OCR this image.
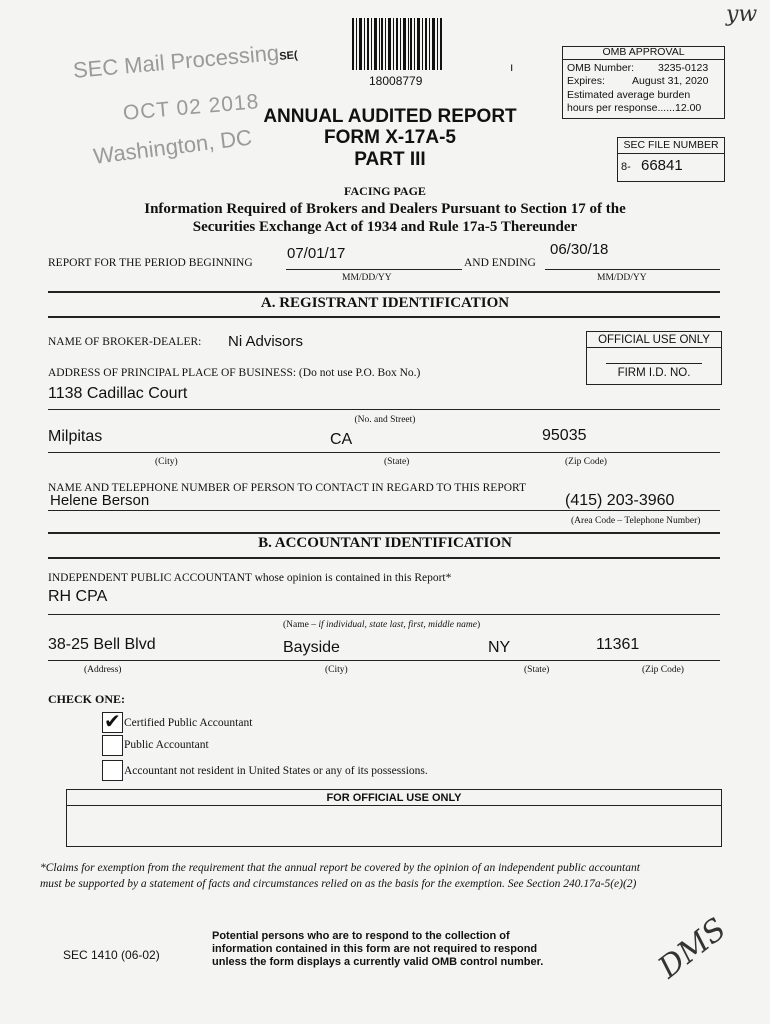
yw
18008779
ı
SEC Mail ProcessingSE(
OCT 02 2018
Washington, DC
OMB APPROVAL
OMB Number: 3235-0123
Expires:	August 31, 2020
Estimated average burden
hours per response......12.00
SEC FILE NUMBER
8- 66841
ANNUAL AUDITED REPORT
FORM X-17A-5
PART III
FACING PAGE
Information Required of Brokers and Dealers Pursuant to Section 17 of the
Securities Exchange Act of 1934 and Rule 17a-5 Thereunder
REPORT FOR THE PERIOD BEGINNING
07/01/17
AND ENDING
06/30/18
MM/DD/YY	MM/DD/YY
A. REGISTRANT IDENTIFICATION
NAME OF BROKER-DEALER: Ni Advisors	OFFICIAL USE ONLY
FIRM I.D. NO.
ADDRESS OF PRINCIPAL PLACE OF BUSINESS: (Do not use P.O. Box No.)
1138 Cadillac Court
(No. and Street)
Milpitas	CA	95035
(City)	(State)	(Zip Code)
NAME AND TELEPHONE NUMBER OF PERSON TO CONTACT IN REGARD TO THIS REPORT
Helene Berson	(415) 203-3960
(Area Code – Telephone Number)
B. ACCOUNTANT IDENTIFICATION
INDEPENDENT PUBLIC ACCOUNTANT whose opinion is contained in this Report*
RH CPA
(Name – if individual, state last, first, middle name)
38-25 Bell Blvd	Bayside	NY	11361
(Address)	(City)	(State)	(Zip Code)
CHECK ONE:
✔ Certified Public Accountant
Public Accountant
Accountant not resident in United States or any of its possessions.
FOR OFFICIAL USE ONLY
*Claims for exemption from the requirement that the annual report be covered by the opinion of an independent public accountant
must be supported by a statement of facts and circumstances relied on as the basis for the exemption. See Section 240.17a-5(e)(2)
SEC 1410 (06-02)
Potential persons who are to respond to the collection of
information contained in this form are not required to respond
unless the form displays a currently valid OMB control number.	DMS
